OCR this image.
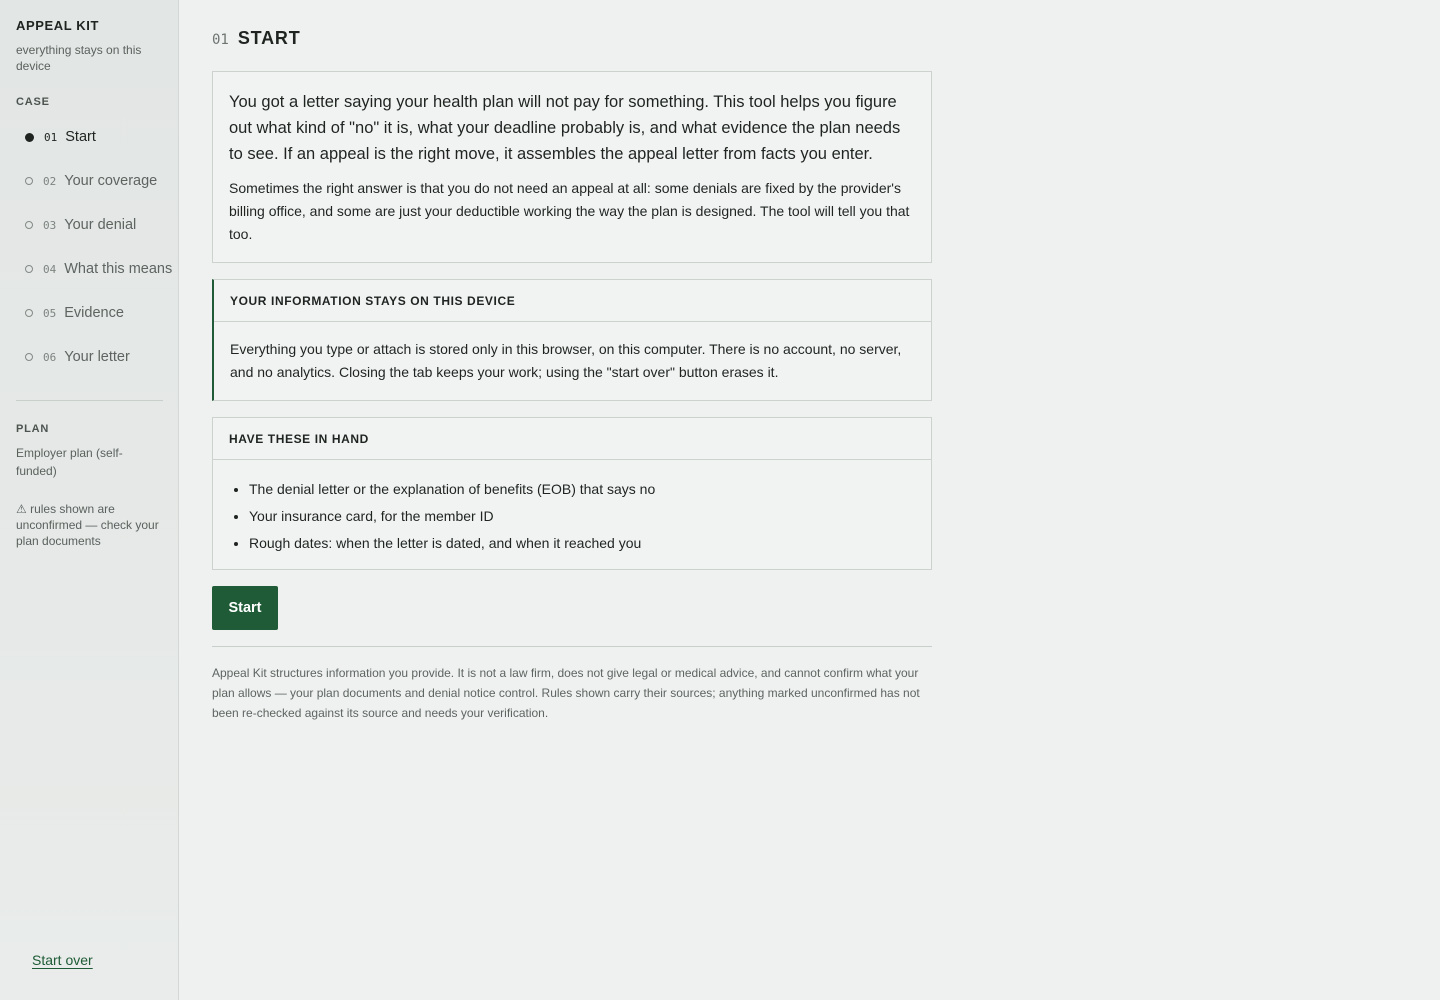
APPEAL KIT
everything stays on this device
CASE
01 Start
02 Your coverage
03 Your denial
04 What this means
05 Evidence
06 Your letter
PLAN
Employer plan (self-funded)
⚠ rules shown are unconfirmed — check your plan documents
Start over
01 START

You got a letter saying your health plan will not pay for something. This tool helps you figure out what kind of "no" it is, what your deadline probably is, and what evidence the plan needs to see. If an appeal is the right move, it assembles the appeal letter from facts you enter.

Sometimes the right answer is that you do not need an appeal at all: some denials are fixed by the provider's billing office, and some are just your deductible working the way the plan is designed. The tool will tell you that too.

YOUR INFORMATION STAYS ON THIS DEVICE
Everything you type or attach is stored only in this browser, on this computer. There is no account, no server, and no analytics. Closing the tab keeps your work; using the "start over" button erases it.
HAVE THESE IN HAND
• The denial letter or the explanation of benefits (EOB) that says no
• Your insurance card, for the member ID
• Rough dates: when the letter is dated, and when it reached you
Start
Appeal Kit structures information you provide. It is not a law firm, does not give legal or medical advice, and cannot confirm what your plan allows — your plan documents and denial notice control. Rules shown carry their sources; anything marked unconfirmed has not been re-checked against its source and needs your verification.
